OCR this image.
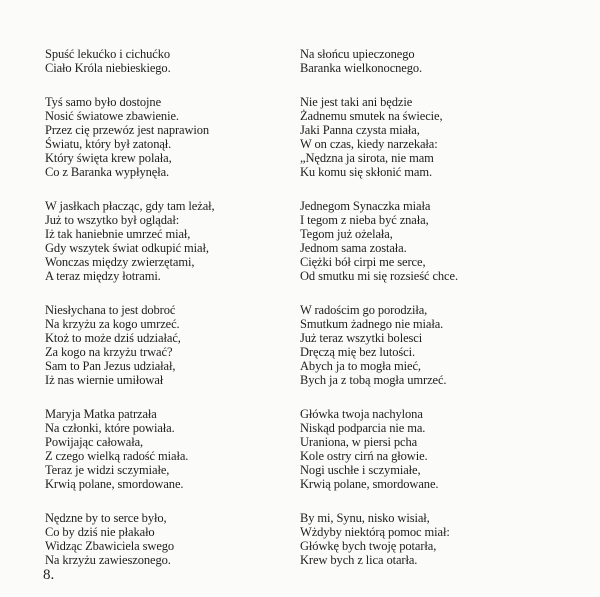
Spuść lekućko i cichućko
Ciało Króla niebieskiego.
Tyś samo było dostojne
Nosić światowe zbawienie.
Przez cię przewóz jest naprawion
Światu, który był zatonął.
Który święta krew polała,
Co z Baranka wypłynęła.
W jasłkach płacząc, gdy tam leżał,
Już to wszytko był oglądał:
Iż tak haniebnie umrzeć miał,
Gdy wszytek świat odkupić miał,
Wonczas między zwierzętami,
A teraz między łotrami.
Niesłychana to jest dobroć
Na krzyżu za kogo umrzeć.
Ktoż to może dziś udziałać,
Za kogo na krzyżu trwać?
Sam to Pan Jezus udziałał,
Iż nas wiernie umiłował
Maryja Matka patrzała
Na członki, które powiała.
Powijając całowała,
Z czego wielką radość miała.
Teraz je widzi sczymiałe,
Krwią polane, smordowane.
Nędzne by to serce było,
Co by dziś nie płakało
Widząc Zbawiciela swego
Na krzyżu zawieszonego.
Na słońcu upieczonego
Baranka wielkonocnego.
Nie jest taki ani będzie
Żadnemu smutek na świecie,
Jaki Panna czysta miała,
W on czas, kiedy narzekała:
„Nędzna ja sirota, nie mam
Ku komu się skłonić mam.
Jednegom Synaczka miała
I tegom z nieba być znała,
Tegom już ożelała,
Jednom sama została.
Ciężki bół cirpi me serce,
Od smutku mi się rozsieść chce.
W radościm go porodziła,
Smutkum żadnego nie miała.
Już teraz wszytki bolesci
Dręczą mię bez lutości.
Abych ja to mogła mieć,
Bych ja z tobą mogła umrzeć.
Główka twoja nachylona
Niskąd podparcia nie ma.
Uraniona, w piersi pcha
Kole ostry cirń na głowie.
Nogi uschłe i sczymiałe,
Krwią polane, smordowane.
By mi, Synu, nisko wisiał,
Wżdyby niektórą pomoc miał:
Główkę bych twoję potarła,
Krew bych z lica otarła.
8.
